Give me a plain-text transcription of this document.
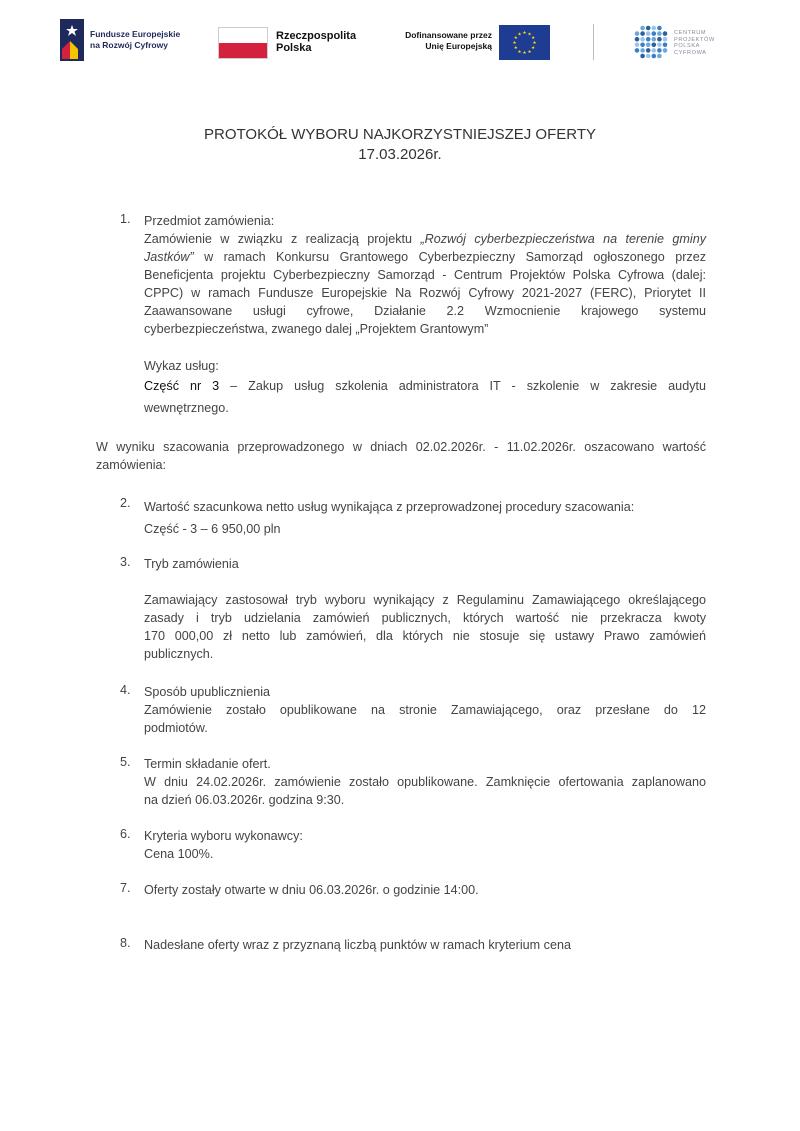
Fundusze Europejskie
na Rozwój Cyfrowy
Rzeczpospolita
Polska
Dofinansowane przez
Unię Europejską
★ ★
★
★
★
★
★
★
★
★
★
★	CENTRUM
PROJEKTÓW
POLSKA
CYFROWA
PROTOKÓŁ WYBORU NAJKORZYSTNIEJSZEJ OFERTY
17.03.2026r.
1. Przedmiot zamówienia:
Zamówienie w związku z realizacją projektu „Rozwój cyberbezpieczeństwa na terenie gminy
Jastków” w ramach Konkursu Grantowego Cyberbezpieczny Samorząd ogłoszonego przez
Beneficjenta projektu Cyberbezpieczny Samorząd - Centrum Projektów Polska Cyfrowa (dalej:
CPPC) w ramach Fundusze Europejskie Na Rozwój Cyfrowy 2021-2027 (FERC), Priorytet II
Zaawansowane usługi cyfrowe, Działanie 2.2 Wzmocnienie krajowego systemu
cyberbezpieczeństwa, zwanego dalej „Projektem Grantowym”
Wykaz usług:
Część nr 3 – Zakup usług szkolenia administratora IT - szkolenie w zakresie audytu
wewnętrznego.
W wyniku szacowania przeprowadzonego w dniach 02.02.2026r. - 11.02.2026r. oszacowano wartość
zamówienia:
2. Wartość szacunkowa netto usług wynikająca z przeprowadzonej procedury szacowania:
Część - 3 – 6 950,00 pln
3. Tryb zamówienia
Zamawiający zastosował tryb wyboru wynikający z Regulaminu Zamawiającego określającego
zasady i tryb udzielania zamówień publicznych, których wartość nie przekracza kwoty
170 000,00 zł netto lub zamówień, dla których nie stosuje się ustawy Prawo zamówień
publicznych.
4. Sposób upublicznienia
Zamówienie zostało opublikowane na stronie Zamawiającego, oraz przesłane do 12
podmiotów.
5. Termin składanie ofert.
W dniu 24.02.2026r. zamówienie zostało opublikowane. Zamknięcie ofertowania zaplanowano
na dzień 06.03.2026r. godzina 9:30.
6. Kryteria wyboru wykonawcy:
Cena 100%.
7. Oferty zostały otwarte w dniu 06.03.2026r. o godzinie 14:00.
8. Nadesłane oferty wraz z przyznaną liczbą punktów w ramach kryterium cena
